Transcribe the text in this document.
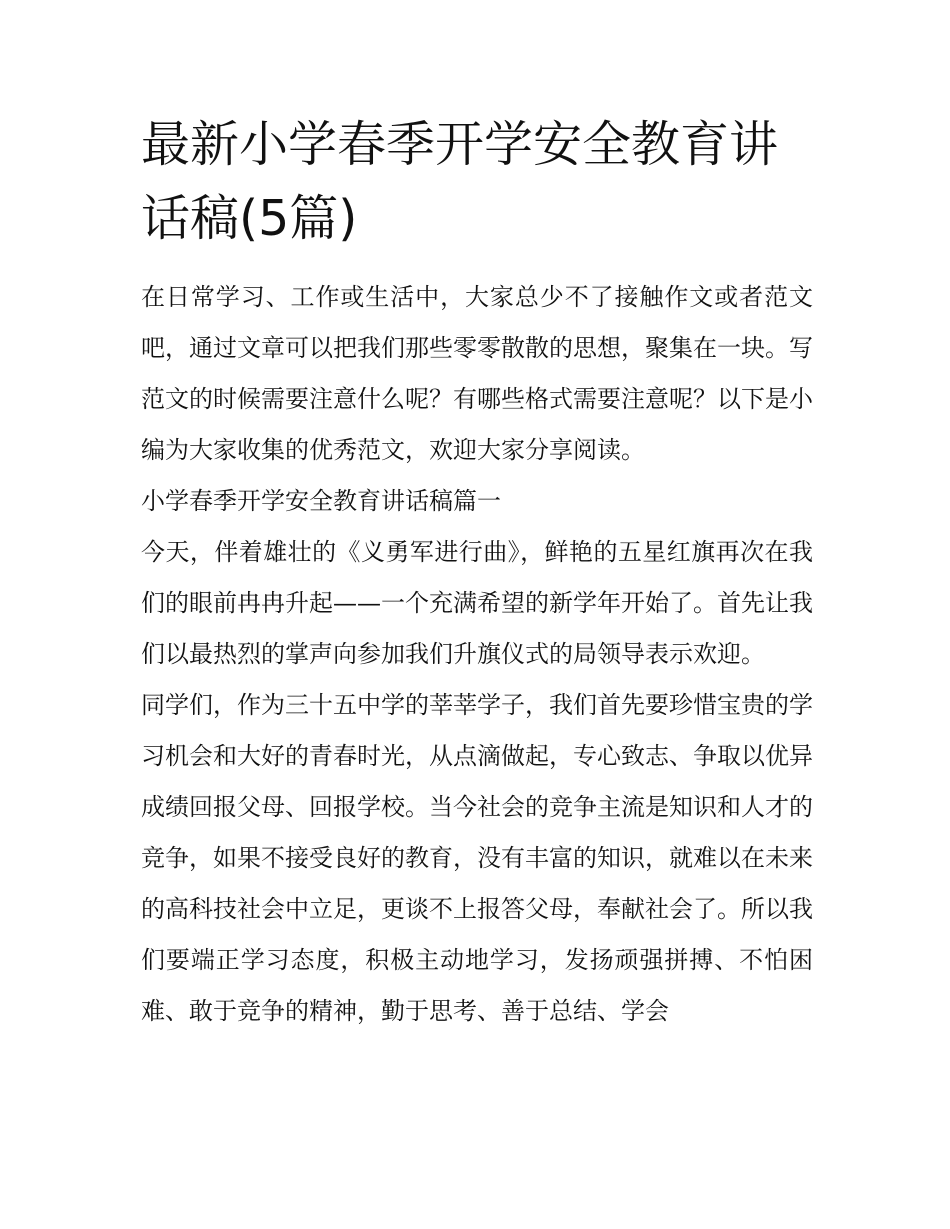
最新小学春季开学安全教育讲话稿(5篇)

在日常学习、工作或生活中，大家总少不了接触作文或者范文吧，通过文章可以把我们那些零零散散的思想，聚集在一块。写范文的时候需要注意什么呢？有哪些格式需要注意呢？以下是小编为大家收集的优秀范文，欢迎大家分享阅读。

小学春季开学安全教育讲话稿篇一

今天，伴着雄壮的《义勇军进行曲》，鲜艳的五星红旗再次在我们的眼前冉冉升起——一个充满希望的新学年开始了。首先让我们以最热烈的掌声向参加我们升旗仪式的局领导表示欢迎。

同学们，作为三十五中学的莘莘学子，我们首先要珍惜宝贵的学习机会和大好的青春时光，从点滴做起，专心致志、争取以优异成绩回报父母、回报学校。当今社会的竞争主流是知识和人才的竞争，如果不接受良好的教育，没有丰富的知识，就难以在未来的高科技社会中立足，更谈不上报答父母，奉献社会了。所以我们要端正学习态度，积极主动地学习，发扬顽强拼搏、不怕困难、敢于竞争的精神，勤于思考、善于总结、学会
